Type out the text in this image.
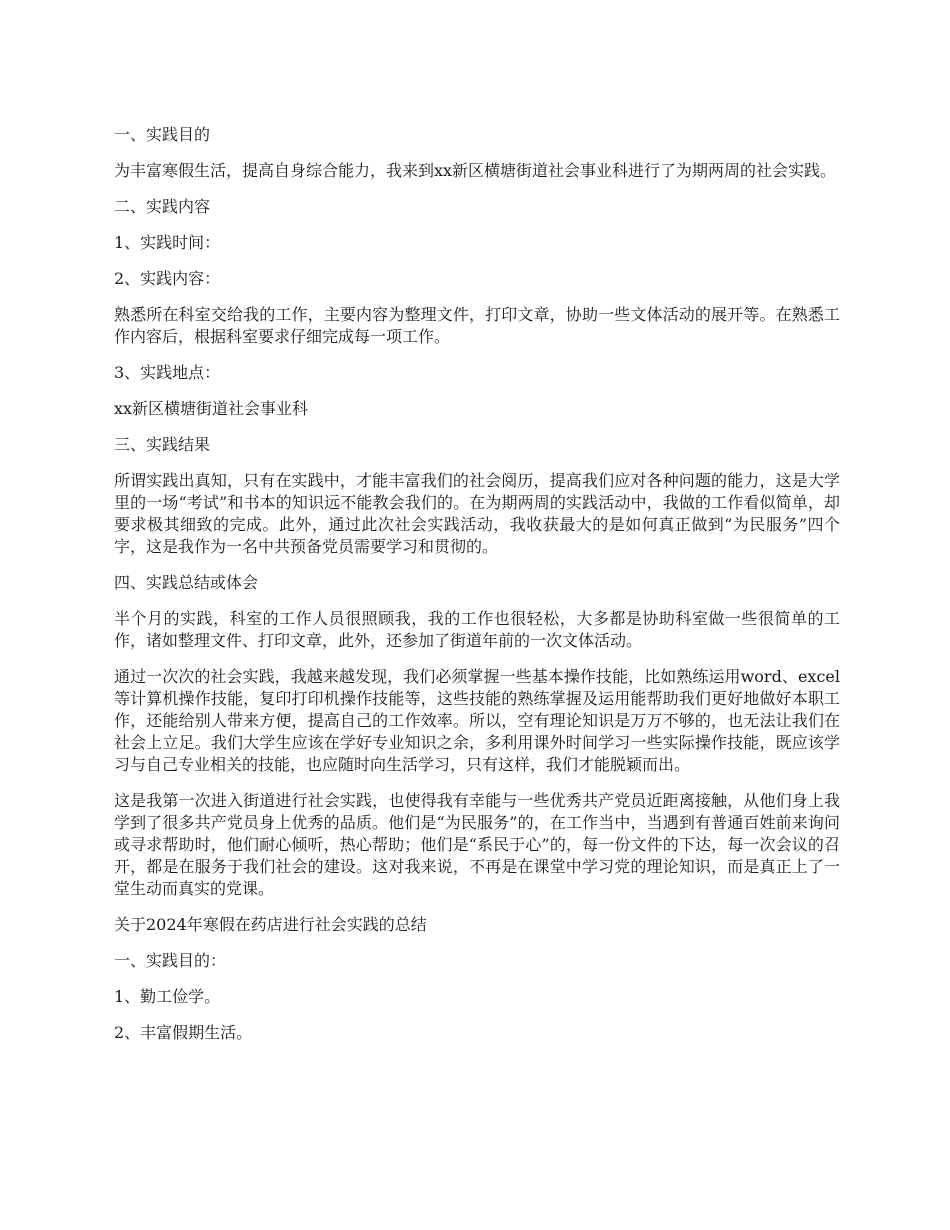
一、实践目的

为丰富寒假生活，提高自身综合能力，我来到xx新区横塘街道社会事业科进行了为期两周的社会实践。

二、实践内容

1、实践时间：

2、实践内容：

熟悉所在科室交给我的工作，主要内容为整理文件，打印文章，协助一些文体活动的展开等。在熟悉工作内容后，根据科室要求仔细完成每一项工作。

3、实践地点：

xx新区横塘街道社会事业科

三、实践结果

所谓实践出真知，只有在实践中，才能丰富我们的社会阅历，提高我们应对各种问题的能力，这是大学里的一场“考试”和书本的知识远不能教会我们的。在为期两周的实践活动中，我做的工作看似简单，却要求极其细致的完成。此外，通过此次社会实践活动，我收获最大的是如何真正做到“为民服务”四个字，这是我作为一名中共预备党员需要学习和贯彻的。

四、实践总结或体会

半个月的实践，科室的工作人员很照顾我，我的工作也很轻松，大多都是协助科室做一些很简单的工作，诸如整理文件、打印文章，此外，还参加了街道年前的一次文体活动。

通过一次次的社会实践，我越来越发现，我们必须掌握一些基本操作技能，比如熟练运用word、excel等计算机操作技能，复印打印机操作技能等，这些技能的熟练掌握及运用能帮助我们更好地做好本职工作，还能给别人带来方便，提高自己的工作效率。所以，空有理论知识是万万不够的，也无法让我们在社会上立足。我们大学生应该在学好专业知识之余，多利用课外时间学习一些实际操作技能，既应该学习与自己专业相关的技能，也应随时向生活学习，只有这样，我们才能脱颖而出。

这是我第一次进入街道进行社会实践，也使得我有幸能与一些优秀共产党员近距离接触，从他们身上我学到了很多共产党员身上优秀的品质。他们是“为民服务”的，在工作当中，当遇到有普通百姓前来询问或寻求帮助时，他们耐心倾听，热心帮助；他们是“系民于心”的，每一份文件的下达，每一次会议的召开，都是在服务于我们社会的建设。这对我来说，不再是在课堂中学习党的理论知识，而是真正上了一堂生动而真实的党课。

关于2024年寒假在药店进行社会实践的总结

一、实践目的：

1、勤工俭学。

2、丰富假期生活。
